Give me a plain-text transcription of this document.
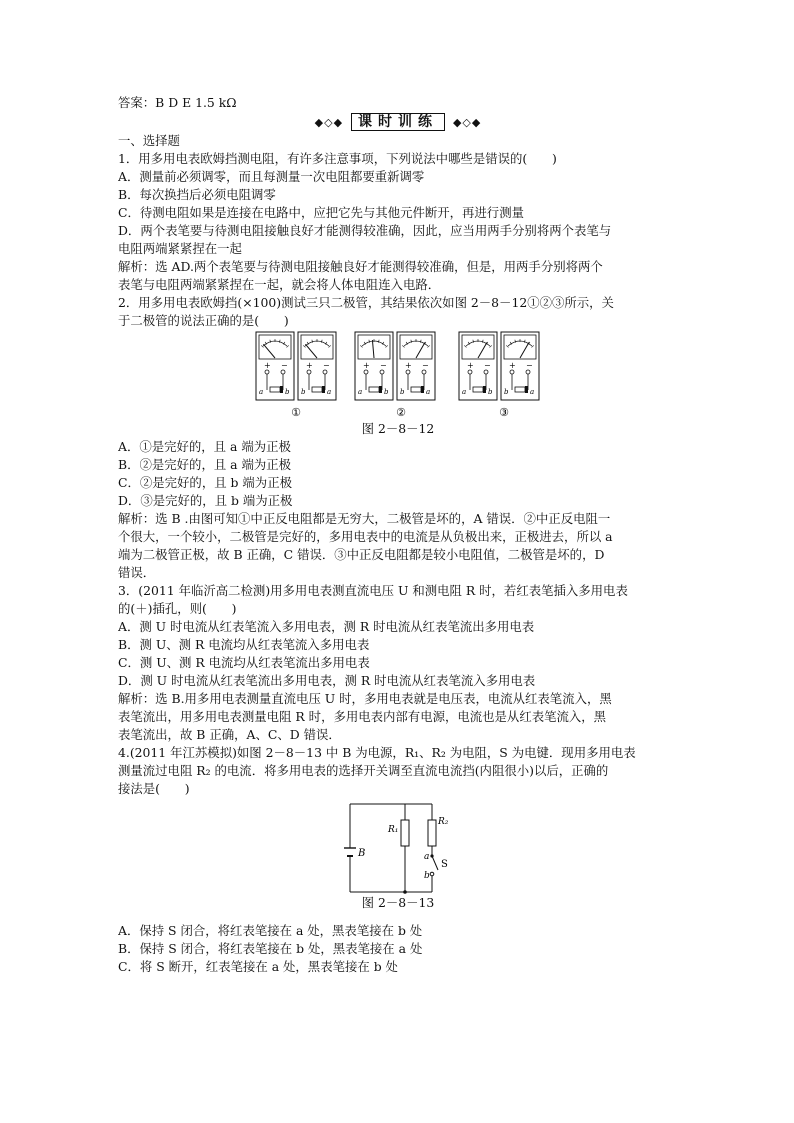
答案：B D E 1.5 kΩ
◆◇◆ 课时训练 ◆◇◆
一、选择题
1．用多用电表欧姆挡测电阻，有许多注意事项，下列说法中哪些是错误的(　　)
A．测量前必须调零，而且每测量一次电阻都要重新调零
B．每次换挡后必须电阻调零
C．待测电阻如果是连接在电路中，应把它先与其他元件断开，再进行测量
D．两个表笔要与待测电阻接触良好才能测得较准确，因此，应当用两手分别将两个表笔与
电阻两端紧紧捏在一起
解析：选 AD.两个表笔要与待测电阻接触良好才能测得较准确，但是，用两手分别将两个
表笔与电阻两端紧紧捏在一起，就会将人体电阻连入电路．
2．用多用电表欧姆挡(×100)测试三只二极管，其结果依次如图 2－8－12①②③所示，关
于二极管的说法正确的是(　　)
+ −
a	b
+ −
b	a
+ −
a	b
+ −
b	a
+ −
a	b
+ −
b	a
①	②	③
图 2－8－12
A．①是完好的，且 a 端为正极
B．②是完好的，且 a 端为正极
C．②是完好的，且 b 端为正极
D．③是完好的，且 b 端为正极
解析：选 B .由图可知①中正反电阻都是无穷大，二极管是坏的，A 错误．②中正反电阻一
个很大，一个较小，二极管是完好的，多用电表中的电流是从负极出来，正极进去，所以 a
端为二极管正极，故 B 正确，C 错误．③中正反电阻都是较小电阻值，二极管是坏的，D
错误．
3．(2011 年临沂高二检测)用多用电表测直流电压 U 和测电阻 R 时，若红表笔插入多用电表
的(＋)插孔，则(　　)
A．测 U 时电流从红表笔流入多用电表，测 R 时电流从红表笔流出多用电表
B．测 U、测 R 电流均从红表笔流入多用电表
C．测 U、测 R 电流均从红表笔流出多用电表
D．测 U 时电流从红表笔流出多用电表，测 R 时电流从红表笔流入多用电表
解析：选 B.用多用电表测量直流电压 U 时，多用电表就是电压表，电流从红表笔流入，黑
表笔流出，用多用电表测量电阻 R 时，多用电表内部有电源，电流也是从红表笔流入，黑
表笔流出，故 B 正确，A、C、D 错误．
4.(2011 年江苏模拟)如图 2－8－13 中 B 为电源，R₁、R₂ 为电阻，S 为电键．现用多用电表
测量流过电阻 R₂ 的电流．将多用电表的选择开关调至直流电流挡(内阻很小)以后，正确的
接法是(　　)
B
R₁
R₂
a
b
S
图 2－8－13
A．保持 S 闭合，将红表笔接在 a 处，黑表笔接在 b 处
B．保持 S 闭合，将红表笔接在 b 处，黑表笔接在 a 处
C．将 S 断开，红表笔接在 a 处，黑表笔接在 b 处
